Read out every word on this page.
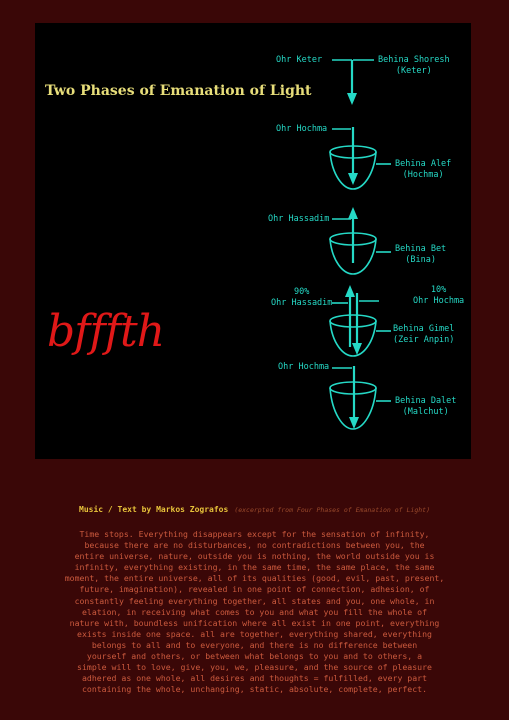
Two Phases of Emanation of Light
bfffth
Ohr Keter	Behina Shoresh
(Keter)
Ohr Hochma
Behina Alef
(Hochma)
Ohr Hassadim
Behina Bet
(Bina)
90%
Ohr Hassadim
10%
Ohr Hochma
Behina Gimel
(Zeir Anpin)
Ohr Hochma
Behina Dalet
(Malchut)
Music / Text by Markos Zografos (excerpted from Four Phases of Emanation of Light)
Time stops. Everything disappears except for the sensation of infinity,
because there are no disturbances, no contradictions between you, the
entire universe, nature, outside you is nothing, the world outside you is
infinity, everything existing, in the same time, the same place, the same
moment, the entire universe, all of its qualities (good, evil, past, present,
future, imagination), revealed in one point of connection, adhesion, of
constantly feeling everything together, all states and you, one whole, in
elation, in receiving what comes to you and what you fill the whole of
nature with, boundless unification where all exist in one point, everything
exists inside one space. all are together, everything shared, everything
belongs to all and to everyone, and there is no difference between
yourself and others, or between what belongs to you and to others, a
simple will to love, give, you, we, pleasure, and the source of pleasure
adhered as one whole, all desires and thoughts = fulfilled, every part
containing the whole, unchanging, static, absolute, complete, perfect.
